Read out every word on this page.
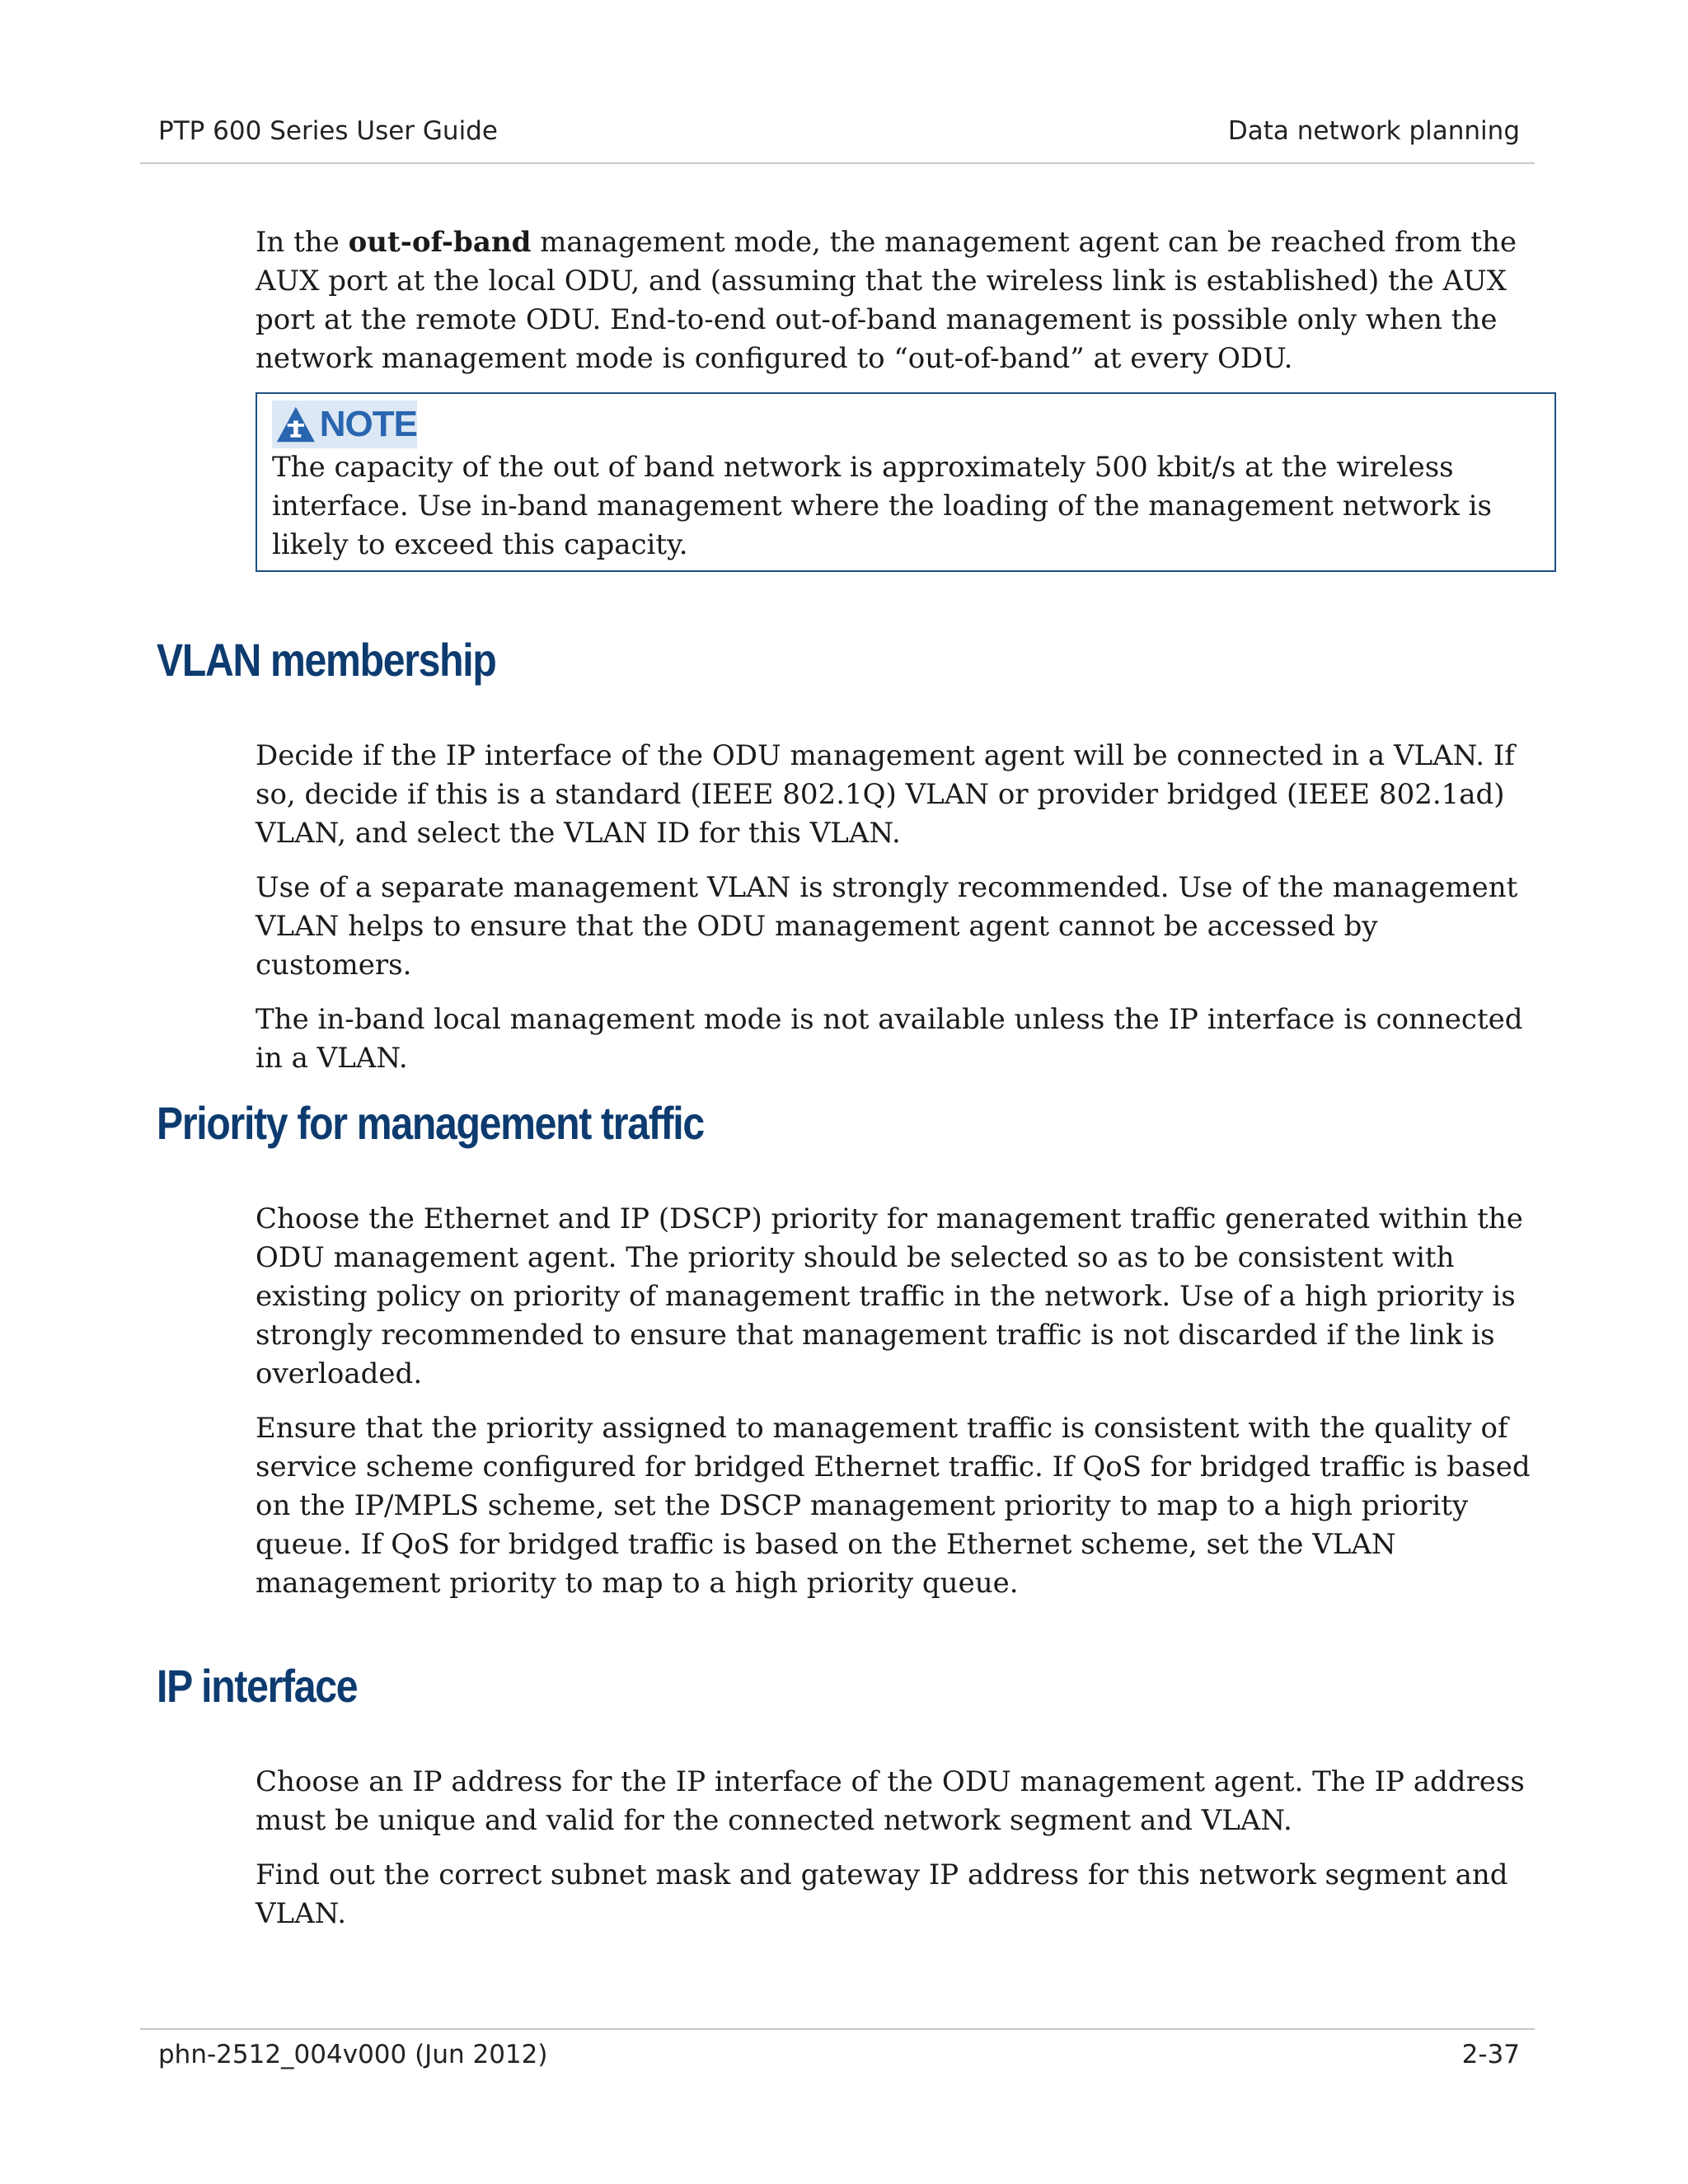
PTP 600 Series User Guide	Data network planning

In the out-of-band management mode, the management agent can be reached from the AUX port at the local ODU, and (assuming that the wireless link is established) the AUX port at the remote ODU. End-to-end out-of-band management is possible only when the network management mode is configured to “out-of-band” at every ODU.

NOTE
The capacity of the out of band network is approximately 500 kbit/s at the wireless interface. Use in-band management where the loading of the management network is likely to exceed this capacity.
VLAN membership

Decide if the IP interface of the ODU management agent will be connected in a VLAN. If so, decide if this is a standard (IEEE 802.1Q) VLAN or provider bridged (IEEE 802.1ad) VLAN, and select the VLAN ID for this VLAN.

Use of a separate management VLAN is strongly recommended. Use of the management VLAN helps to ensure that the ODU management agent cannot be accessed by customers.

The in-band local management mode is not available unless the IP interface is connected in a VLAN.

Priority for management traffic

Choose the Ethernet and IP (DSCP) priority for management traffic generated within the ODU management agent. The priority should be selected so as to be consistent with existing policy on priority of management traffic in the network. Use of a high priority is strongly recommended to ensure that management traffic is not discarded if the link is overloaded.

Ensure that the priority assigned to management traffic is consistent with the quality of service scheme configured for bridged Ethernet traffic. If QoS for bridged traffic is based on the IP/MPLS scheme, set the DSCP management priority to map to a high priority queue. If QoS for bridged traffic is based on the Ethernet scheme, set the VLAN management priority to map to a high priority queue.

IP interface

Choose an IP address for the IP interface of the ODU management agent. The IP address must be unique and valid for the connected network segment and VLAN.

Find out the correct subnet mask and gateway IP address for this network segment and VLAN.

phn-2512_004v000 (Jun 2012)	2-37
